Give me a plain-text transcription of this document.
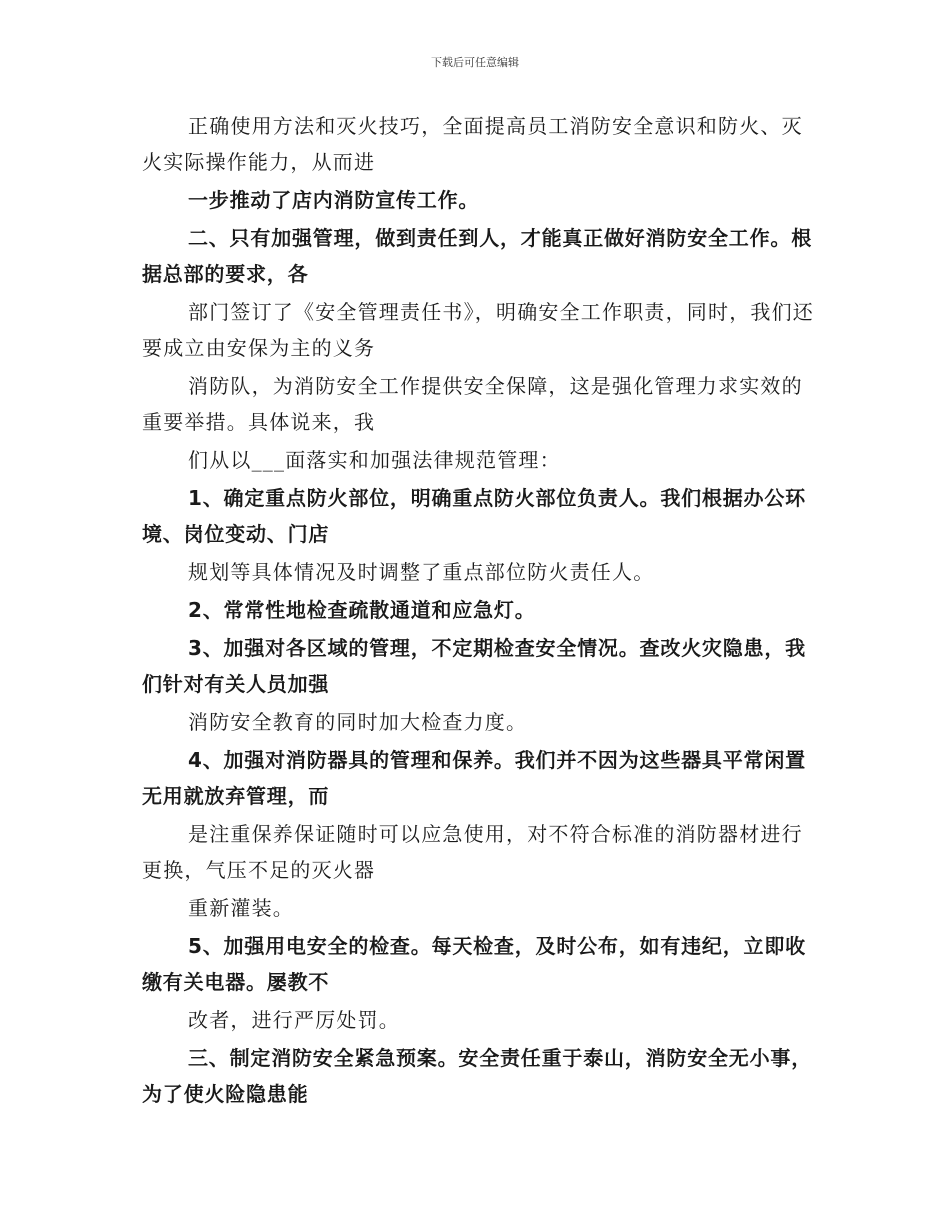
下载后可任意编辑

正确使用方法和灭火技巧，全面提高员工消防安全意识和防火、灭火实际操作能力，从而进

一步推动了店内消防宣传工作。

二、只有加强管理，做到责任到人，才能真正做好消防安全工作。根据总部的要求，各

部门签订了《安全管理责任书》，明确安全工作职责，同时，我们还要成立由安保为主的义务

消防队，为消防安全工作提供安全保障，这是强化管理力求实效的重要举措。具体说来，我

们从以___面落实和加强法律规范管理：

1、确定重点防火部位，明确重点防火部位负责人。我们根据办公环境、岗位变动、门店

规划等具体情况及时调整了重点部位防火责任人。

2、常常性地检查疏散通道和应急灯。

3、加强对各区域的管理，不定期检查安全情况。查改火灾隐患，我们针对有关人员加强

消防安全教育的同时加大检查力度。

4、加强对消防器具的管理和保养。我们并不因为这些器具平常闲置无用就放弃管理，而

是注重保养保证随时可以应急使用，对不符合标准的消防器材进行更换，气压不足的灭火器

重新灌装。

5、加强用电安全的检查。每天检查，及时公布，如有违纪，立即收缴有关电器。屡教不

改者，进行严厉处罚。

三、制定消防安全紧急预案。安全责任重于泰山，消防安全无小事，为了使火险隐患能
